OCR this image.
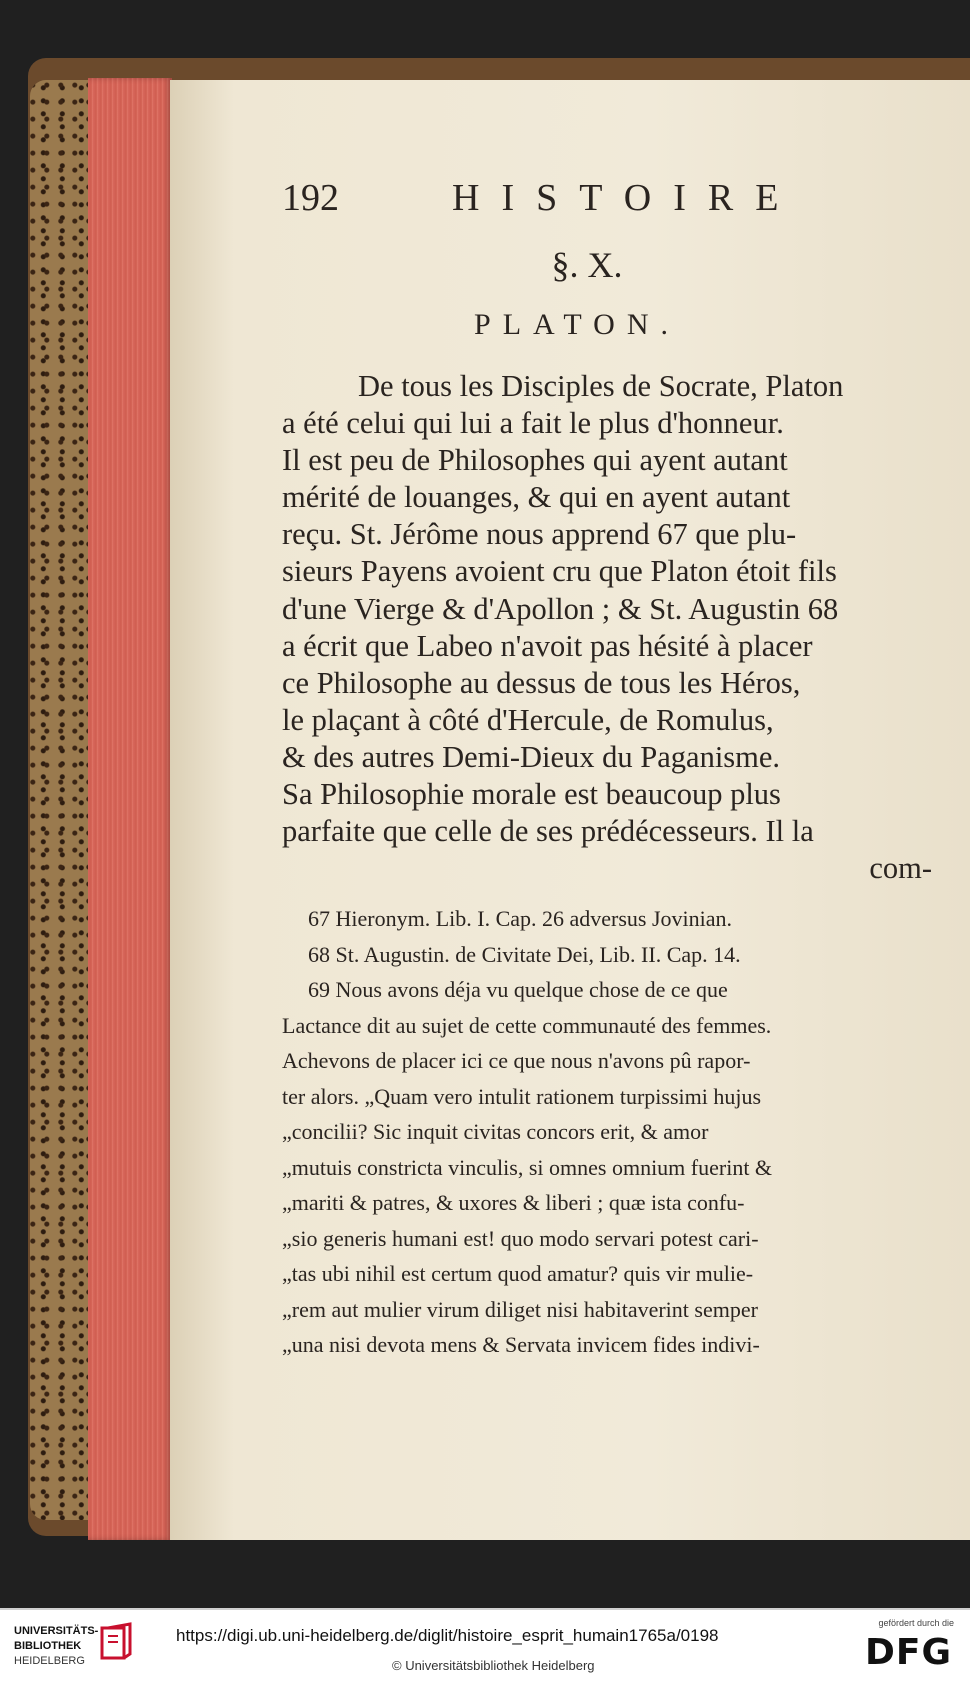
192	HISTOIRE
§. X.
PLATON.
De tous les Disciples de Socrate, Platon
a été celui qui lui a fait le plus d'honneur.
Il est peu de Philosophes qui ayent autant
mérité de louanges, & qui en ayent autant
reçu. St. Jérôme nous apprend 67 que plu-
sieurs Payens avoient cru que Platon étoit fils
d'une Vierge & d'Apollon ; & St. Augustin 68
a écrit que Labeo n'avoit pas hésité à placer
ce Philosophe au dessus de tous les Héros,
le plaçant à côté d'Hercule, de Romulus,
& des autres Demi-Dieux du Paganisme.
Sa Philosophie morale est beaucoup plus
parfaite que celle de ses prédécesseurs. Il la
com-
67 Hieronym. Lib. I. Cap. 26 adversus Jovinian.
68 St. Augustin. de Civitate Dei, Lib. II. Cap. 14.
69 Nous avons déja vu quelque chose de ce que
Lactance dit au sujet de cette communauté des femmes.
Achevons de placer ici ce que nous n'avons pû rapor-
ter alors. „Quam vero intulit rationem turpissimi hujus
„concilii? Sic inquit civitas concors erit, & amor
„mutuis constricta vinculis, si omnes omnium fuerint &
„mariti & patres, & uxores & liberi ; quæ ista confu-
„sio generis humani est! quo modo servari potest cari-
„tas ubi nihil est certum quod amatur? quis vir mulie-
„rem aut mulier virum diliget nisi habitaverint semper
„una nisi devota mens & Servata invicem fides indivi-
UNIVERSITÄTS-
BIBLIOTHEK
HEIDELBERG
https://digi.ub.uni-heidelberg.de/diglit/histoire_esprit_humain1765a/0198
© Universitätsbibliothek Heidelberg
gefördert durch die
DFG
